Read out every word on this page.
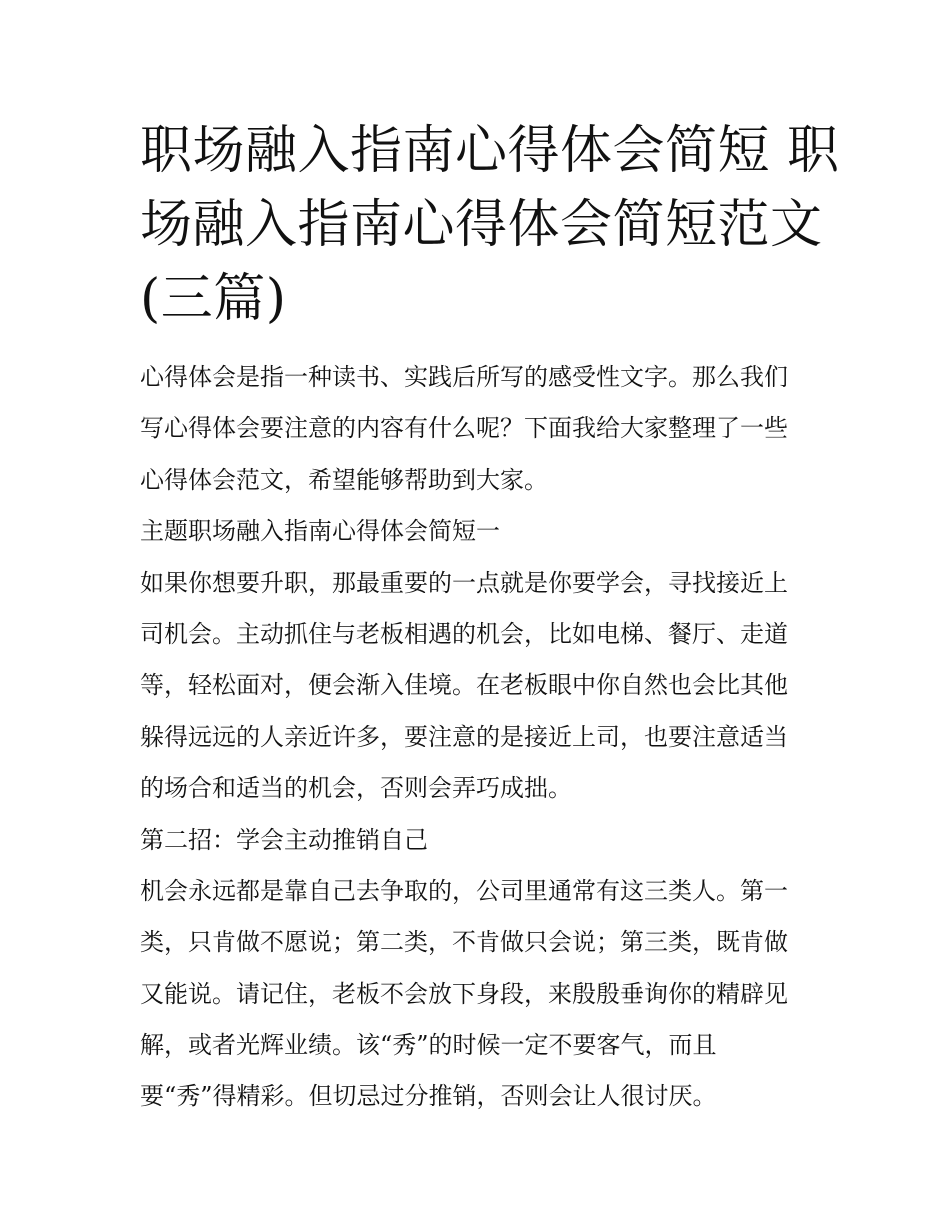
职场融入指南心得体会简短 职
场融入指南心得体会简短范文
(三篇)
心得体会是指一种读书、实践后所写的感受性文字。那么我们
写心得体会要注意的内容有什么呢？下面我给大家整理了一些
心得体会范文，希望能够帮助到大家。
主题职场融入指南心得体会简短一
如果你想要升职，那最重要的一点就是你要学会，寻找接近上
司机会。主动抓住与老板相遇的机会，比如电梯、餐厅、走道
等，轻松面对，便会渐入佳境。在老板眼中你自然也会比其他
躲得远远的人亲近许多，要注意的是接近上司，也要注意适当
的场合和适当的机会，否则会弄巧成拙。
第二招：学会主动推销自己
机会永远都是靠自己去争取的，公司里通常有这三类人。第一
类，只肯做不愿说；第二类，不肯做只会说；第三类，既肯做
又能说。请记住，老板不会放下身段，来殷殷垂询你的精辟见
解，或者光辉业绩。该“秀”的时候一定不要客气，而且
要“秀”得精彩。但切忌过分推销，否则会让人很讨厌。
